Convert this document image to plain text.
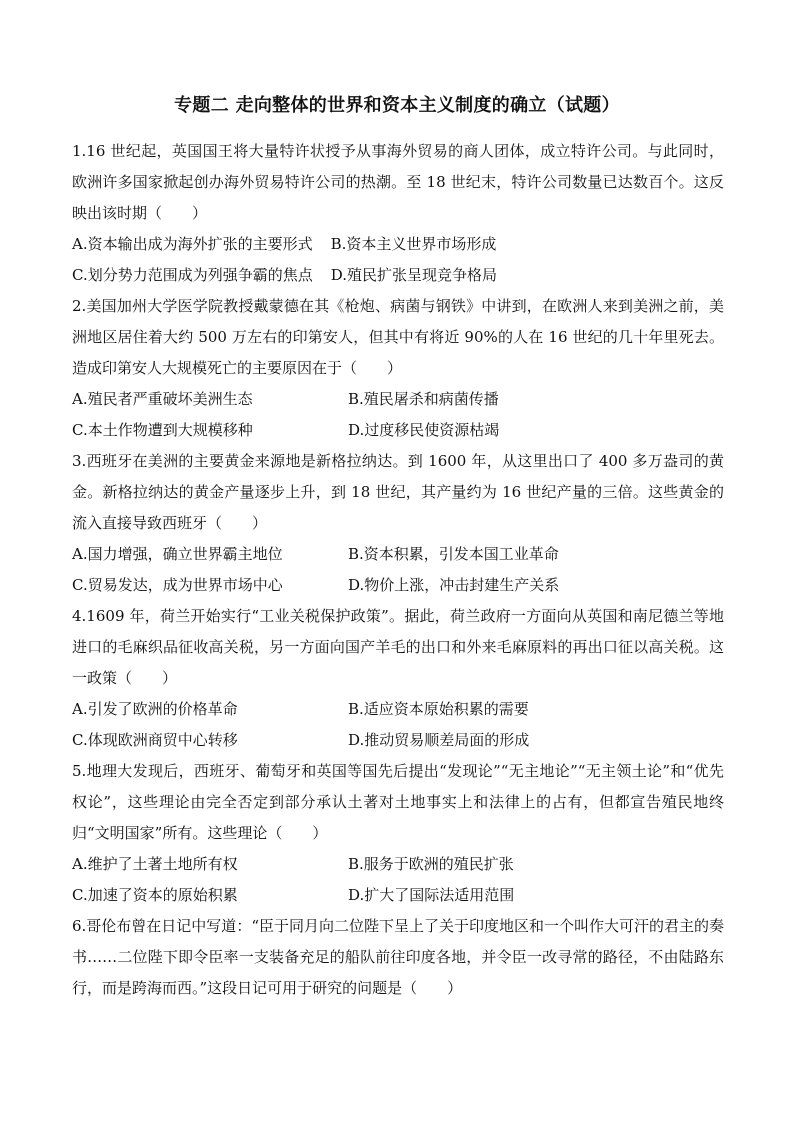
专题二 走向整体的世界和资本主义制度的确立（试题）

1.16 世纪起，英国国王将大量特许状授予从事海外贸易的商人团体，成立特许公司。与此同时，欧洲许多国家掀起创办海外贸易特许公司的热潮。至 18 世纪末，特许公司数量已达数百个。这反映出该时期（　　）

A.资本输出成为海外扩张的主要形式 B.资本主义世界市场形成
C.划分势力范围成为列强争霸的焦点 D.殖民扩张呈现竞争格局

2.美国加州大学医学院教授戴蒙德在其《枪炮、病菌与钢铁》中讲到，在欧洲人来到美洲之前，美洲地区居住着大约 500 万左右的印第安人，但其中有将近 90%的人在 16 世纪的几十年里死去。造成印第安人大规模死亡的主要原因在于（　　）

A.殖民者严重破坏美洲生态	B.殖民屠杀和病菌传播
C.本土作物遭到大规模移种	D.过度移民使资源枯竭

3.西班牙在美洲的主要黄金来源地是新格拉纳达。到 1600 年，从这里出口了 400 多万盎司的黄金。新格拉纳达的黄金产量逐步上升，到 18 世纪，其产量约为 16 世纪产量的三倍。这些黄金的流入直接导致西班牙（　　）

A.国力增强，确立世界霸主地位	B.资本积累，引发本国工业革命
C.贸易发达，成为世界市场中心	D.物价上涨，冲击封建生产关系

4.1609 年，荷兰开始实行“工业关税保护政策”。据此，荷兰政府一方面向从英国和南尼德兰等地进口的毛麻织品征收高关税，另一方面向国产羊毛的出口和外来毛麻原料的再出口征以高关税。这一政策（　　）

A.引发了欧洲的价格革命	B.适应资本原始积累的需要
C.体现欧洲商贸中心转移	D.推动贸易顺差局面的形成

5.地理大发现后，西班牙、葡萄牙和英国等国先后提出“发现论”“无主地论”“无主领土论”和“优先权论”，这些理论由完全否定到部分承认土著对土地事实上和法律上的占有，但都宣告殖民地终归“文明国家”所有。这些理论（　　）

A.维护了土著土地所有权	B.服务于欧洲的殖民扩张
C.加速了资本的原始积累	D.扩大了国际法适用范围

6.哥伦布曾在日记中写道：“臣于同月向二位陛下呈上了关于印度地区和一个叫作大可汗的君主的奏书……二位陛下即令臣率一支装备充足的船队前往印度各地，并令臣一改寻常的路径，不由陆路东行，而是跨海而西。”这段日记可用于研究的问题是（　　）
